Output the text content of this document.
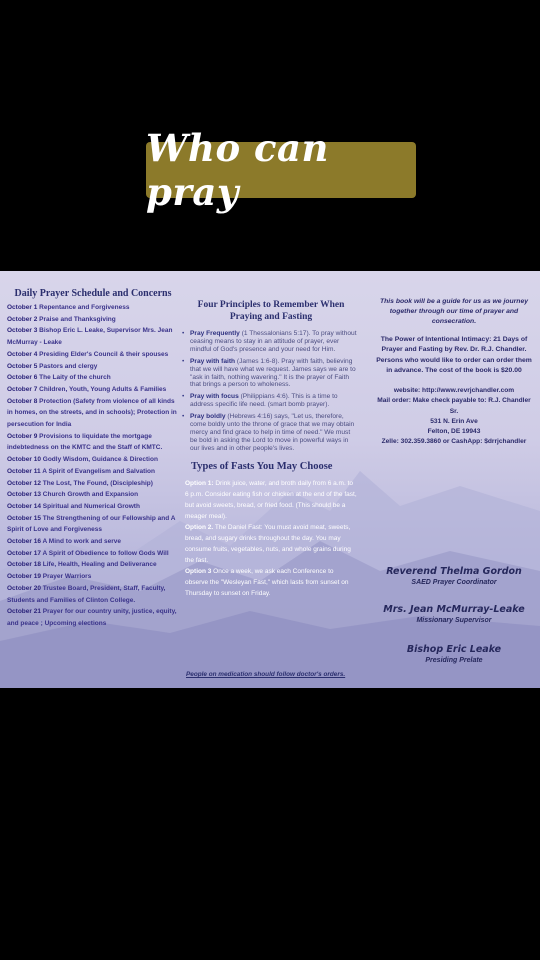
Who can pray
Daily Prayer Schedule and Concerns
October 1 Repentance and Forgiveness
October 2 Praise and Thanksgiving
October 3 Bishop Eric L. Leake, Supervisor Mrs. Jean McMurray - Leake
October 4 Presiding Elder's Council & their spouses
October 5 Pastors and clergy
October 6 The Laity of the church
October 7 Children, Youth, Young Adults & Families
October 8 Protection (Safety from violence of all kinds in homes, on the streets, and in schools); Protection in persecution for India
October 9 Provisions to liquidate the mortgage indebtedness on the KMTC and the Staff of KMTC.
October 10 Godly Wisdom, Guidance & Direction
October 11 A Spirit of Evangelism and Salvation
October 12 The Lost, The Found, (Discipleship)
October 13 Church Growth and Expansion
October 14 Spiritual and Numerical Growth
October 15 The Strengthening of our Fellowship and A Spirit of Love and Forgiveness
October 16 A Mind to work and serve
October 17 A Spirit of Obedience to follow Gods Will
October 18 Life, Health, Healing and Deliverance
October 19 Prayer Warriors
October 20 Trustee Board, President, Staff, Faculty, Students and Families of Clinton College.
October 21 Prayer for our country unity, justice, equity, and peace ; Upcoming elections
Four Principles to Remember When Praying and Fasting
• Pray Frequently (1 Thessalonians 5:17). To pray without ceasing means to stay in an attitude of prayer, ever mindful of God's presence and your need for Him.
• Pray with faith (James 1:6-8). Pray with faith, believing that we will have what we request. James says we are to "ask in faith, nothing wavering." It is the prayer of Faith that brings a person to wholeness.
• Pray with focus (Philippians 4:6). This is a time to address specific life need. (smart bomb prayer).
• Pray boldly (Hebrews 4:16) says, "Let us, therefore, come boldly unto the throne of grace that we may obtain mercy and find grace to help in time of need." We must be bold in asking the Lord to move in powerful ways in our lives and in other people's lives.
Types of Fasts You May Choose

Option 1: Drink juice, water, and broth daily from 6 a.m. to 6 p.m. Consider eating fish or chicken at the end of the fast, but avoid sweets, bread, or fried food. (This should be a meager meal).

Option 2. The Daniel Fast: You must avoid meat, sweets, bread, and sugary drinks throughout the day. You may consume fruits, vegetables, nuts, and whole grains during the fast.

Option 3 Once a week, we ask each Conference to observe the "Wesleyan Fast," which lasts from sunset on Thursday to sunset on Friday.

People on medication should follow doctor's orders.

This book will be a guide for us as we journey together through our time of prayer and consecration.

The Power of Intentional Intimacy: 21 Days of Prayer and Fasting by Rev. Dr. R.J. Chandler. Persons who would like to order can order them in advance. The cost of the book is $20.00

website: http://www.revrjchandler.com

Mail order: Make check payable to: R.J. Chandler Sr.

531 N. Erin Ave

Felton, DE 19943

Zelle: 302.359.3860 or CashApp: $drrjchandler

Reverend Thelma Gordon
SAED Prayer Coordinator
Mrs. Jean McMurray-Leake
Missionary Supervisor
Bishop Eric Leake
Presiding Prelate
